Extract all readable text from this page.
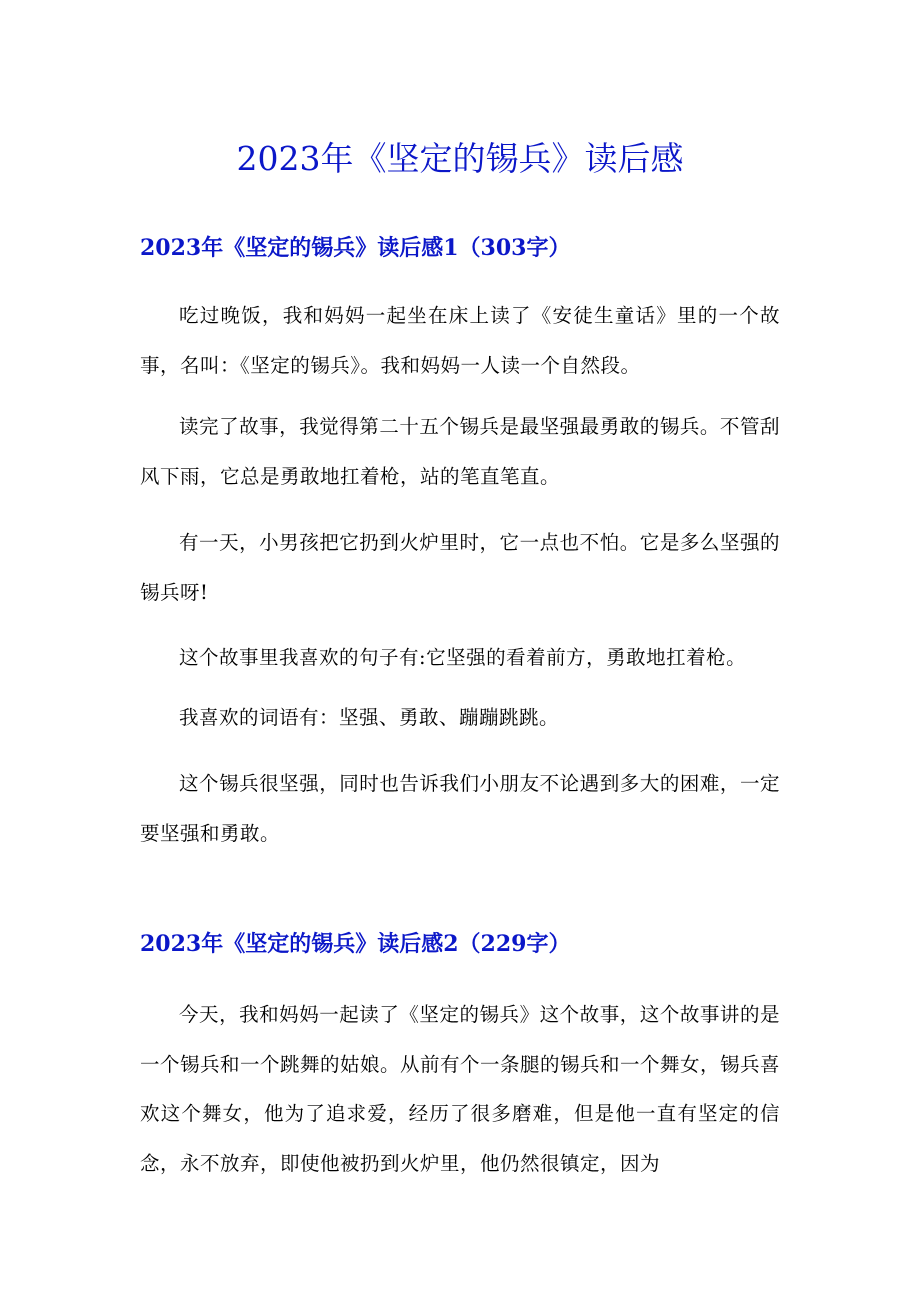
2023年《坚定的锡兵》读后感
2023年《坚定的锡兵》读后感1（303字）

吃过晚饭，我和妈妈一起坐在床上读了《安徒生童话》里的一个故事，名叫：《坚定的锡兵》。我和妈妈一人读一个自然段。

读完了故事，我觉得第二十五个锡兵是最坚强最勇敢的锡兵。不管刮风下雨，它总是勇敢地扛着枪，站的笔直笔直。

有一天，小男孩把它扔到火炉里时，它一点也不怕。它是多么坚强的锡兵呀!

这个故事里我喜欢的句子有:它坚强的看着前方，勇敢地扛着枪。

我喜欢的词语有：坚强、勇敢、蹦蹦跳跳。

这个锡兵很坚强，同时也告诉我们小朋友不论遇到多大的困难，一定要坚强和勇敢。

2023年《坚定的锡兵》读后感2（229字）

今天，我和妈妈一起读了《坚定的锡兵》这个故事，这个故事讲的是一个锡兵和一个跳舞的姑娘。从前有个一条腿的锡兵和一个舞女，锡兵喜欢这个舞女，他为了追求爱，经历了很多磨难，但是他一直有坚定的信念，永不放弃，即使他被扔到火炉里，他仍然很镇定，因为
